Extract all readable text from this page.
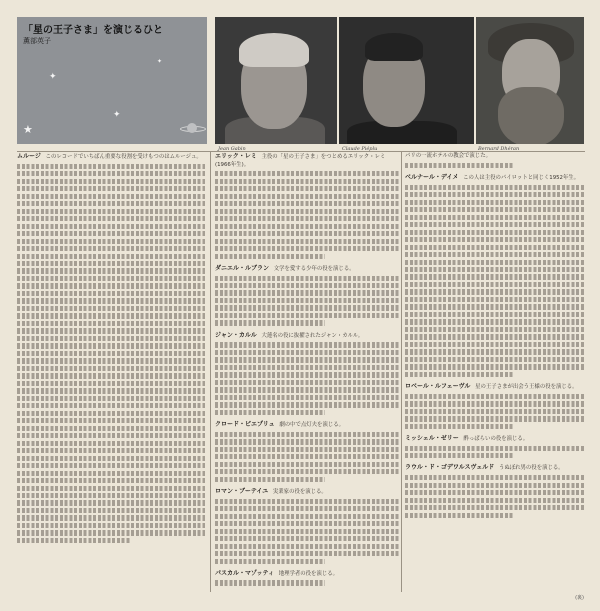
「星の王子さま」を演じるひと
薫部英子
✦
★
✦
✦
Jean Gabin	Claude Piéplu	Bernard Dhéran
ムルージ このレコードでいちばん重要な役割を受けもつのはムルージュ。	エリック・レミ 主役の「星の王子さま」をつとめるエリック・レミ(1966年生)。
ダニエル・ルブラン 文学を愛する少年の役を演じる。
ジャン・カルル 大蓮名の役に抜擢されたジャン・カルル。
クロード・ピエプリュ 劇の中で点灯夫を演じる。
ロマン・ブーテイユ 実業家の役を演じる。
パスカル・マゾッティ 地理学者の役を演じる。
パリの一流ホテルの教会で演じた。
ベルナール・デイメ この人は主役のパイロットと同じく1952年生。
ロベール・ルフェーヴル 星の王子さまが出会う王様の役を演じる。
ミッシェル・ゼリー 酔っぱらいの役を演じる。
ラウル・ド・ゴデワルスヴェルド うぬぼれ男の役を演じる。
(裏)
